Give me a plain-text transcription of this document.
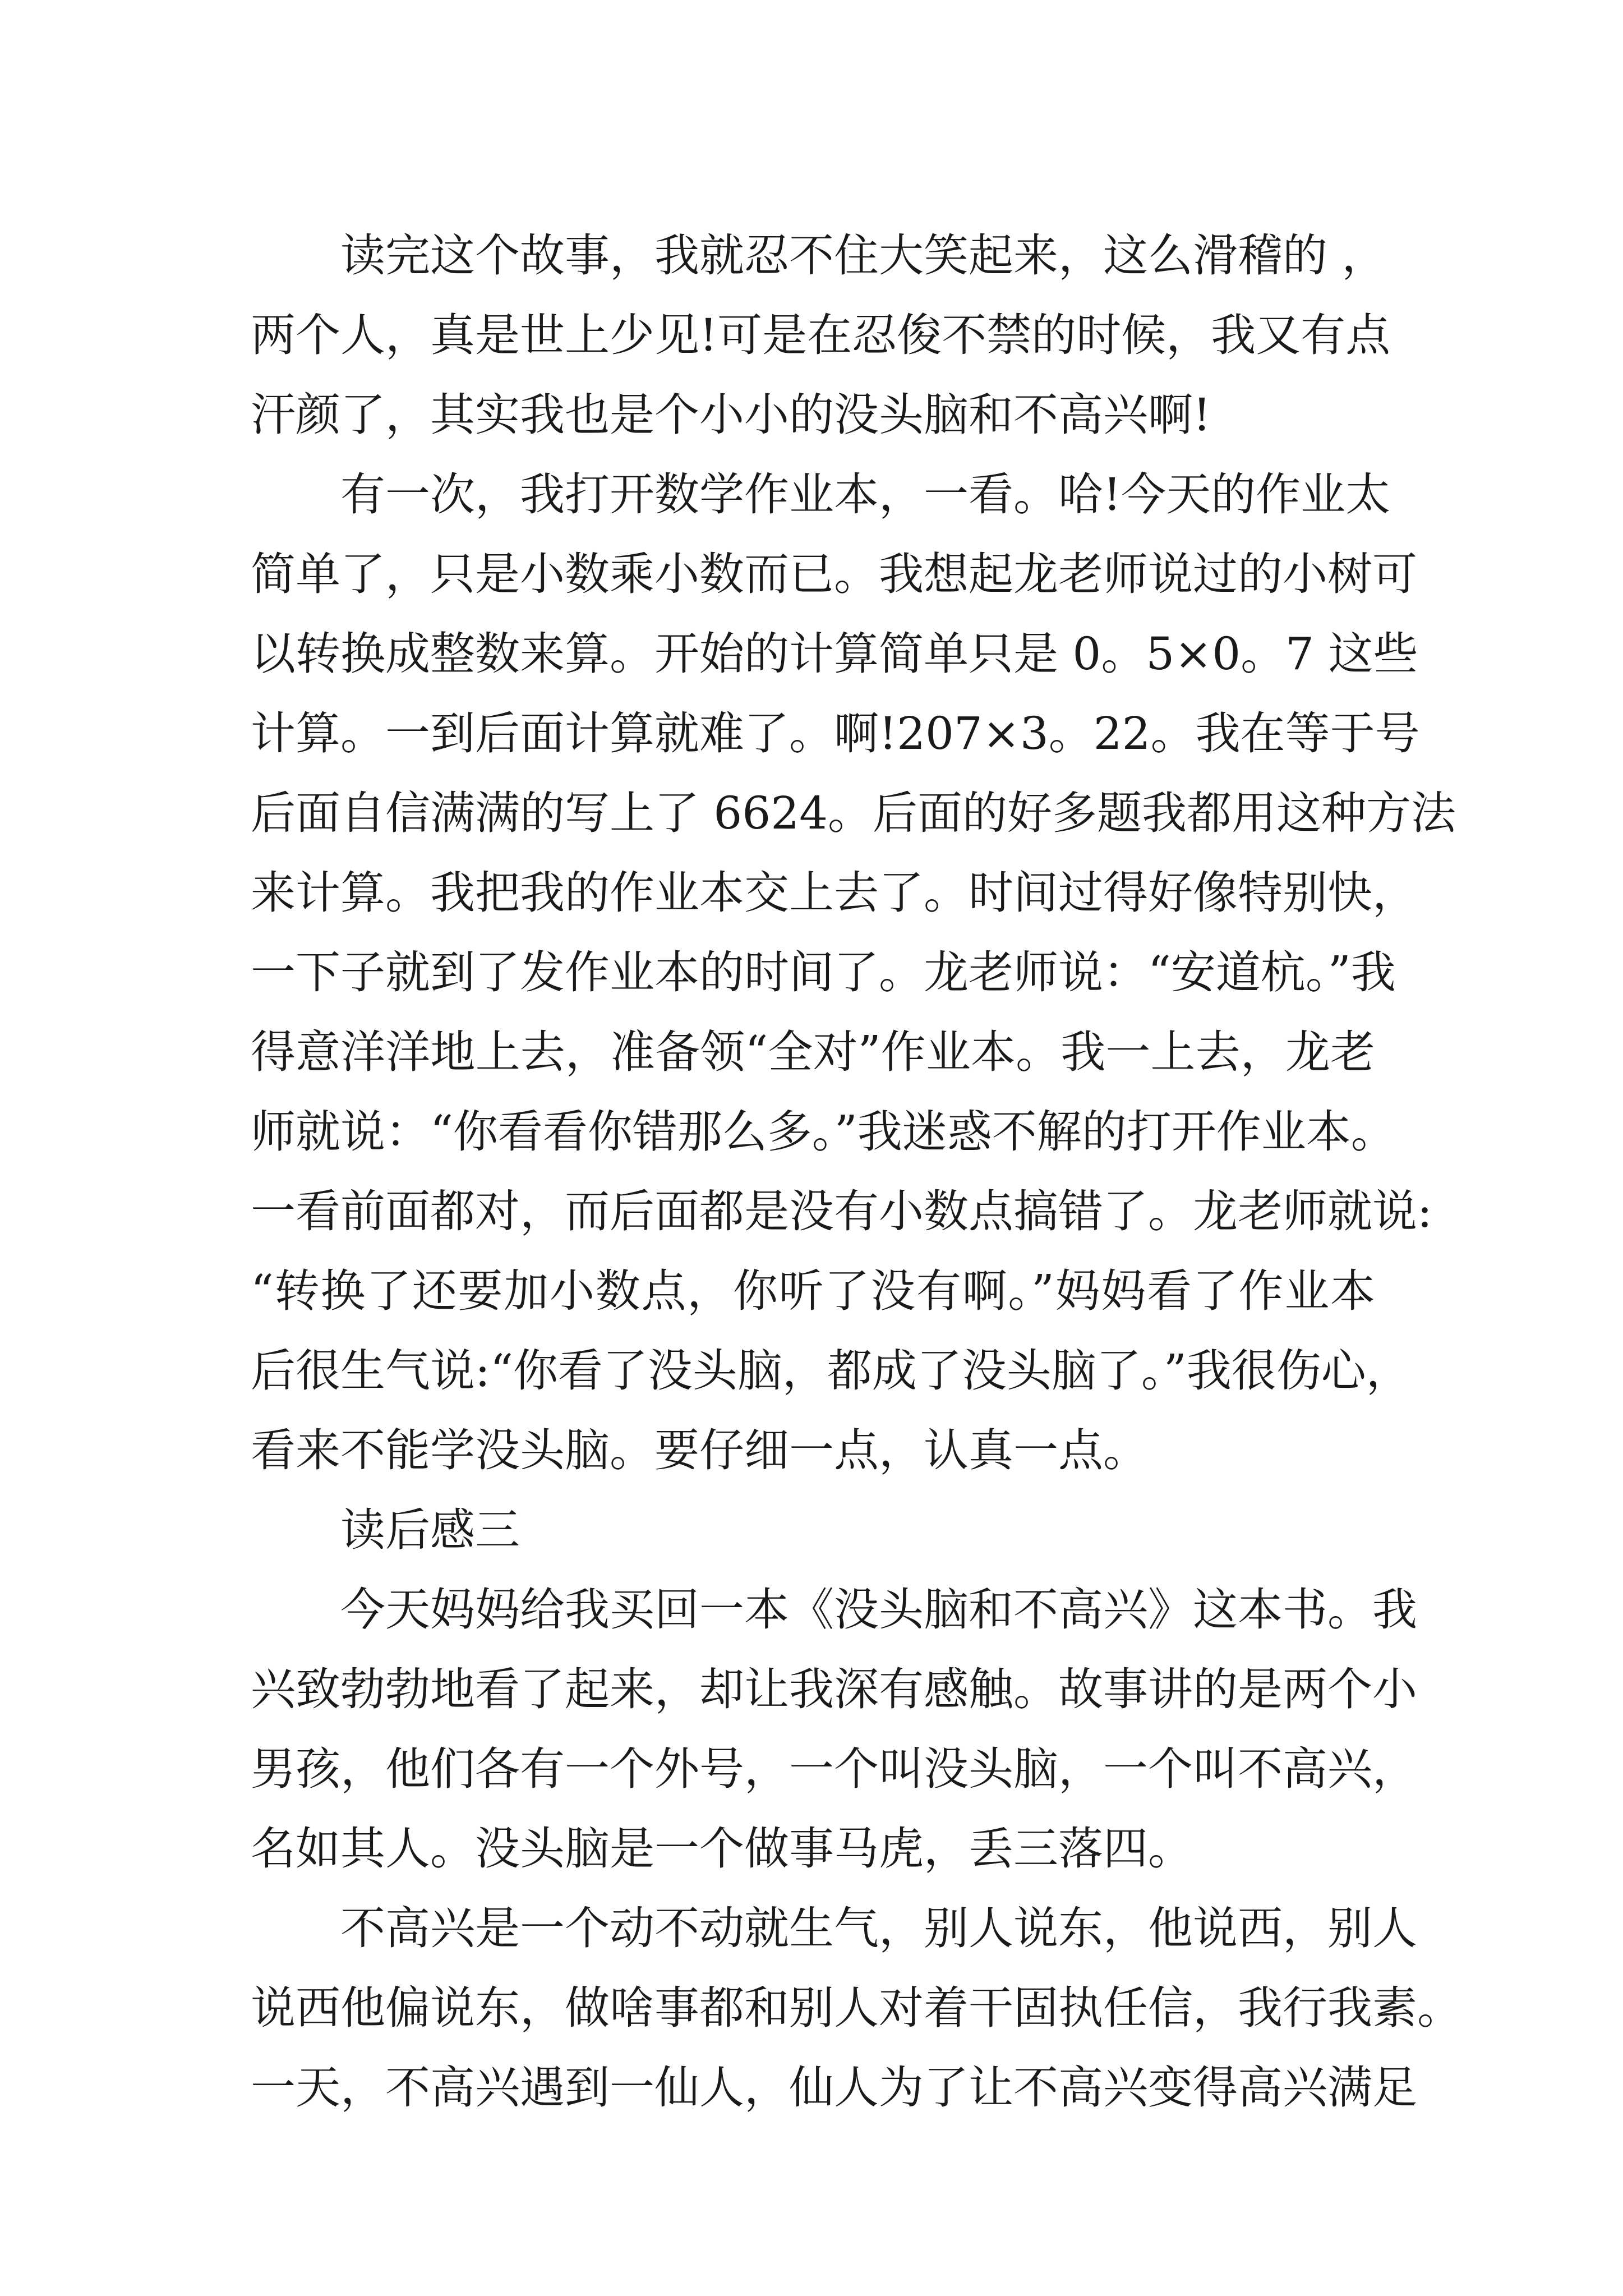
读完这个故事，我就忍不住大笑起来，这么滑稽的 ，
两个人，真是世上少见!可是在忍俊不禁的时候，我又有点
汗颜了，其实我也是个小小的没头脑和不高兴啊!
有一次，我打开数学作业本，一看。哈!今天的作业太
简单了，只是小数乘小数而已。我想起龙老师说过的小树可
以转换成整数来算。开始的计算简单只是 0。5×0。7 这些
计算。一到后面计算就难了。啊!207×3。22。我在等于号
后面自信满满的写上了 6624。后面的好多题我都用这种方法
来计算。我把我的作业本交上去了。时间过得好像特别快，
一下子就到了发作业本的时间了。龙老师说：“安道杭。”我
得意洋洋地上去，准备领“全对”作业本。我一上去，龙老
师就说：“你看看你错那么多。”我迷惑不解的打开作业本。
一看前面都对，而后面都是没有小数点搞错了。龙老师就说:
“转换了还要加小数点，你听了没有啊。”妈妈看了作业本
后很生气说:“你看了没头脑，都成了没头脑了。”我很伤心，
看来不能学没头脑。要仔细一点，认真一点。
读后感三
今天妈妈给我买回一本《没头脑和不高兴》这本书。我
兴致勃勃地看了起来，却让我深有感触。故事讲的是两个小
男孩，他们各有一个外号，一个叫没头脑，一个叫不高兴，
名如其人。没头脑是一个做事马虎，丢三落四。
不高兴是一个动不动就生气，别人说东，他说西，别人
说西他偏说东，做啥事都和别人对着干固执任信，我行我素。
一天，不高兴遇到一仙人，仙人为了让不高兴变得高兴满足
